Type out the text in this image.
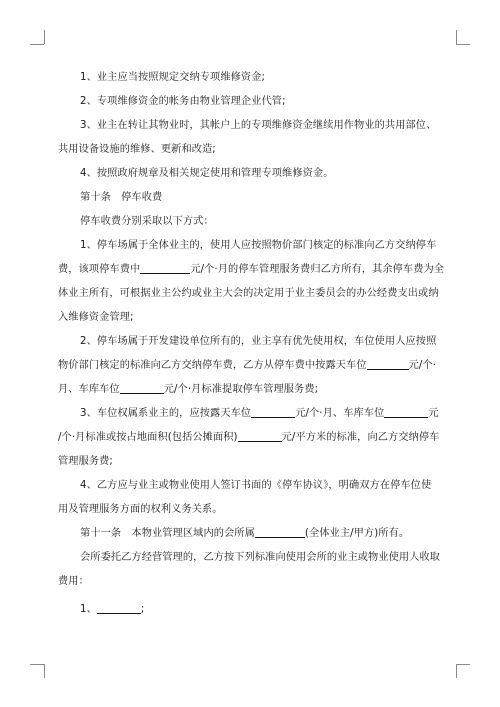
1、业主应当按照规定交纳专项维修资金;

2、专项维修资金的帐务由物业管理企业代管;

3、业主在转让其物业时，其帐户上的专项维修资金继续用作物业的共用部位、

共用设备设施的维修、更新和改造;

4、按照政府规章及相关规定使用和管理专项维修资金。

第十条　停车收费

停车收费分别采取以下方式：

1、停车场属于全体业主的，使用人应按照物价部门核定的标准向乙方交纳停车

费，该项停车费中	元/个·月的停车管理服务费归乙方所有，其余停车费为全

体业主所有，可根据业主公约或业主大会的决定用于业主委员会的办公经费支出或纳

入维修资金管理;

2、停车场属于开发建设单位所有的，业主享有优先使用权，车位使用人应按照

物价部门核定的标准向乙方交纳停车费，乙方从停车费中按露天车位	元/个·

月、车库车位	元/个·月标准提取停车管理服务费;

3、车位权属系业主的，应按露天车位	元/个·月、车库车位	元

/个·月标准或按占地面积(包括公摊面积)	元/平方米的标准，向乙方交纳停车

管理服务费;

4、乙方应与业主或物业使用人签订书面的《停车协议》，明确双方在停车位使

用及管理服务方面的权利义务关系。

第十一条　本物业管理区域内的会所属	(全体业主/甲方)所有。

会所委托乙方经营管理的，乙方按下列标准向使用会所的业主或物业使用人收取

费用：

1、	;
